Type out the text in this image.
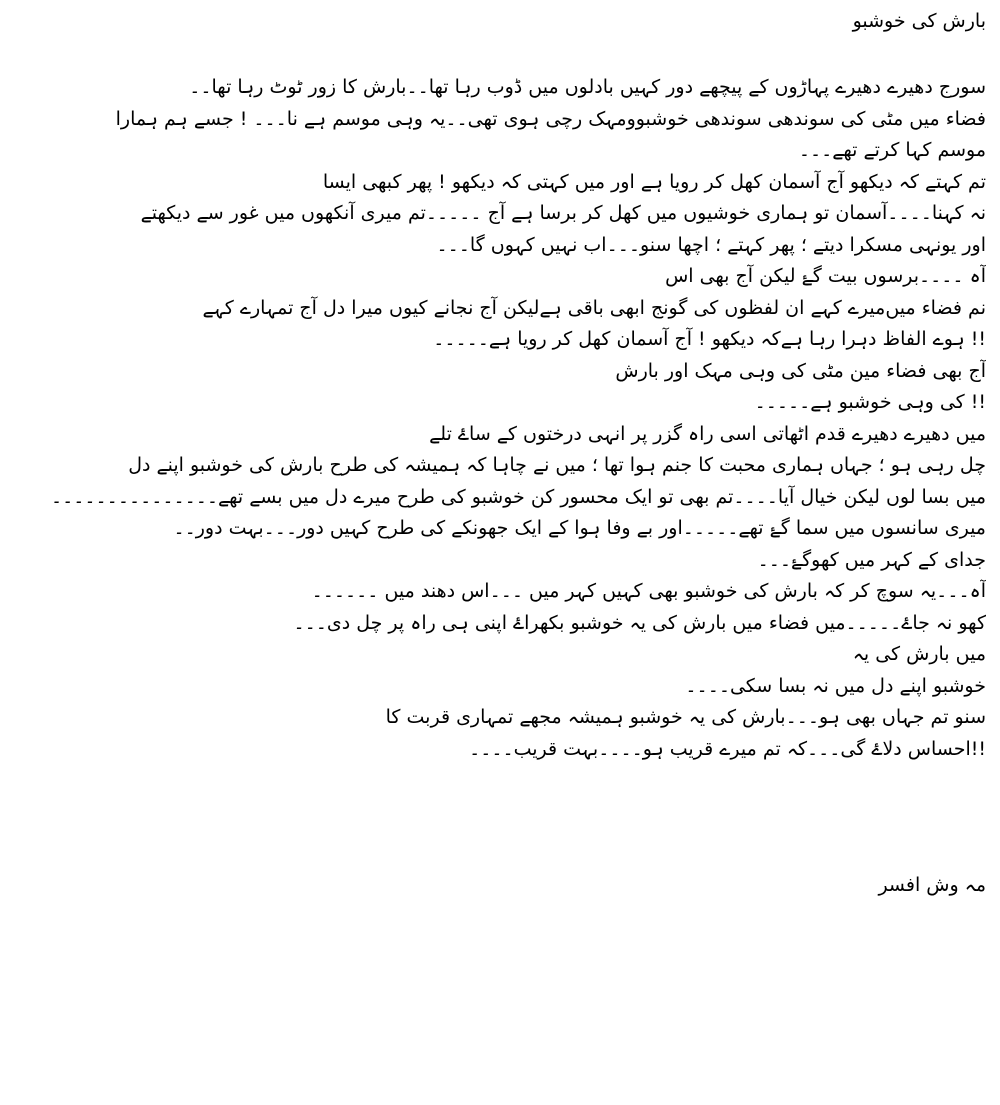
بارش کی خوشبو
سورج دھیرے دھیرے پہاڑوں کے پیچھے دور کہیں بادلوں میں ڈوب رہا تھا۔۔بارش کا زور ٹوٹ رہا تھا۔۔
فضاء میں مٹی کی سوندھی سوندھی خوشبوومہک رچی ہوی تھی۔۔یہ وہی موسم ہے نا۔۔۔ ! جسے ہم ہمارا
موسم کہا کرتے تھے۔۔۔
تم کہتے کہ دیکھو آج آسمان کھل کر رویا ہے اور میں کہتی کہ دیکھو ! پھر کبھی ایسا
نہ کہنا۔۔۔۔آسمان تو ہماری خوشیوں میں کھل کر برسا ہے آج ۔۔۔۔۔تم میری آنکھوں میں غور سے دیکھتے
اور یونہی مسکرا دیتے ؛ پھر کہتے ؛ اچھا سنو۔۔۔اب نہیں کہوں گا۔۔۔
آہ ۔۔۔۔برسوں بیت گۓ لیکن آج بھی اس
نم فضاء میں‌میرے کہے ان لفظوں کی گونج ابھی باقی ہےلیکن آج نجانے کیوں میرا دل آج تمہارے کہے
!! ہوے الفاظ دہرا رہا ہےکہ دیکھو ! آج آسمان کھل کر رویا ہے۔۔۔۔۔
آج بھی فضاء مین مٹی کی وہی مہک اور بارش
!! کی وہی خوشبو ہے۔۔۔۔۔
میں دھیرے دھیرے قدم اٹھاتی اسی راہ گزر پر انہی درختوں کے ساۓ تلے
چل رہی ہو ؛ جہاں ہماری محبت کا جنم ہوا تھا ؛ میں نے چاہا کہ ہمیشہ کی طرح بارش کی خوشبو اپنے دل
میں بسا لوں لیکن خیال آیا۔۔۔۔تم بھی تو ایک محسور کن خوشبو کی طرح میرے دل میں بسے تھے۔۔۔۔۔۔۔۔۔۔۔۔۔۔۔
میری سانسوں میں سما گۓ تھے۔۔۔۔۔اور بے وفا ہوا کے ایک جھونکے کی طرح کہیں دور۔۔۔بہت دور۔۔
جدای کے کہر میں کھوگۓ۔۔۔
آہ۔۔۔یہ سوچ کر کہ بارش کی خوشبو بھی کہیں کہر میں ۔۔۔اس دھند میں ۔۔۔۔۔۔
کھو نہ جاۓ۔۔۔۔۔میں فضاء میں بارش کی یہ خوشبو بکھراۓ اپنی ہی راہ پر چل دی۔۔۔
میں بارش کی یہ
خوشبو اپنے دل میں نہ بسا سکی۔۔۔۔
سنو تم جہاں بھی ہو۔۔۔بارش کی یہ خوشبو ہمیشہ مجھے تمہاری قربت کا
!!احساس دلاۓ گی۔۔۔کہ تم میرے قریب ہو۔۔۔۔بہت قریب۔۔۔۔
مہ وش افسر
